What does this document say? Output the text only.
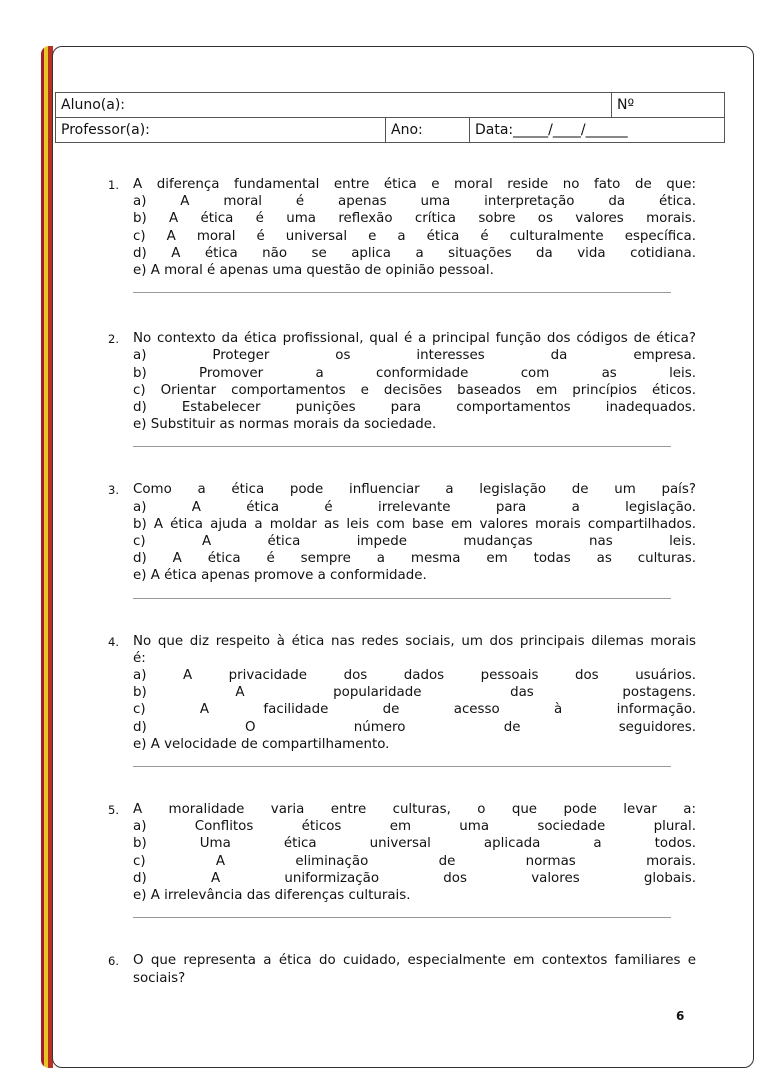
Aluno(a):			Nº
Professor(a):	Ano:	Data:_____/____/______	
1. A diferença fundamental entre ética e moral reside no fato de que:
a) A moral é apenas uma interpretação da ética.
b) A ética é uma reflexão crítica sobre os valores morais.
c) A moral é universal e a ética é culturalmente específica.
d) A ética não se aplica a situações da vida cotidiana.
e) A moral é apenas uma questão de opinião pessoal.
2. No contexto da ética profissional, qual é a principal função dos códigos de ética?
a) Proteger os interesses da empresa.
b) Promover a conformidade com as leis.
c) Orientar comportamentos e decisões baseados em princípios éticos.
d) Estabelecer punições para comportamentos inadequados.
e) Substituir as normas morais da sociedade.
3. Como a ética pode influenciar a legislação de um país?
a) A ética é irrelevante para a legislação.
b) A ética ajuda a moldar as leis com base em valores morais compartilhados.
c) A ética impede mudanças nas leis.
d) A ética é sempre a mesma em todas as culturas.
e) A ética apenas promove a conformidade.
4. No que diz respeito à ética nas redes sociais, um dos principais dilemas morais
é:
a) A privacidade dos dados pessoais dos usuários.
b) A popularidade das postagens.
c) A facilidade de acesso à informação.
d) O número de seguidores.
e) A velocidade de compartilhamento.
5. A moralidade varia entre culturas, o que pode levar a:
a) Conflitos éticos em uma sociedade plural.
b) Uma ética universal aplicada a todos.
c) A eliminação de normas morais.
d) A uniformização dos valores globais.
e) A irrelevância das diferenças culturais.
6. O que representa a ética do cuidado, especialmente em contextos familiares e
sociais?
6
